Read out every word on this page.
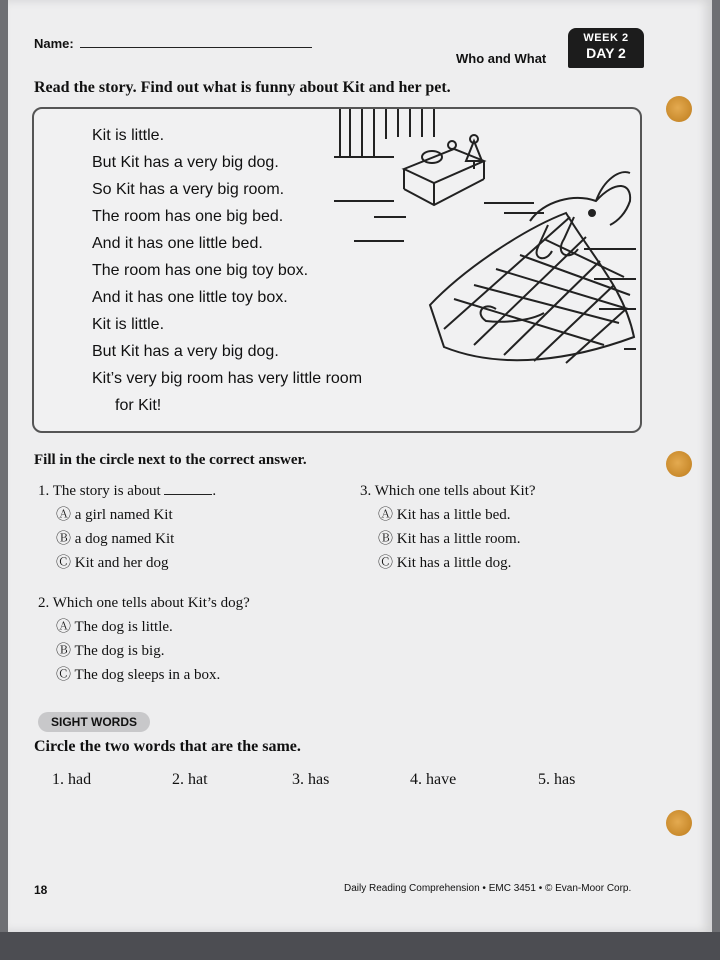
Name:	WEEK 2
DAY 2
Who and What
Read the story. Find out what is funny about Kit and her pet.
Kit is little.
But Kit has a very big dog.
So Kit has a very big room.
The room has one big bed.
And it has one little bed.
The room has one big toy box.
And it has one little toy box.
Kit is little.
But Kit has a very big dog.
Kit’s very big room has very little room
for Kit!
Fill in the circle next to the correct answer.
1. The story is about	.
Ⓐ a girl named Kit
Ⓑ a dog named Kit
Ⓒ Kit and her dog
3. Which one tells about Kit?
Ⓐ Kit has a little bed.
Ⓑ Kit has a little room.
Ⓒ Kit has a little dog.
2. Which one tells about Kit’s dog?
Ⓐ The dog is little.
Ⓑ The dog is big.
Ⓒ The dog sleeps in a box.
SIGHT WORDS
Circle the two words that are the same.
1. had	2. hat	3. has	4. have	5. has
18	Daily Reading Comprehension • EMC 3451 • © Evan-Moor Corp.
